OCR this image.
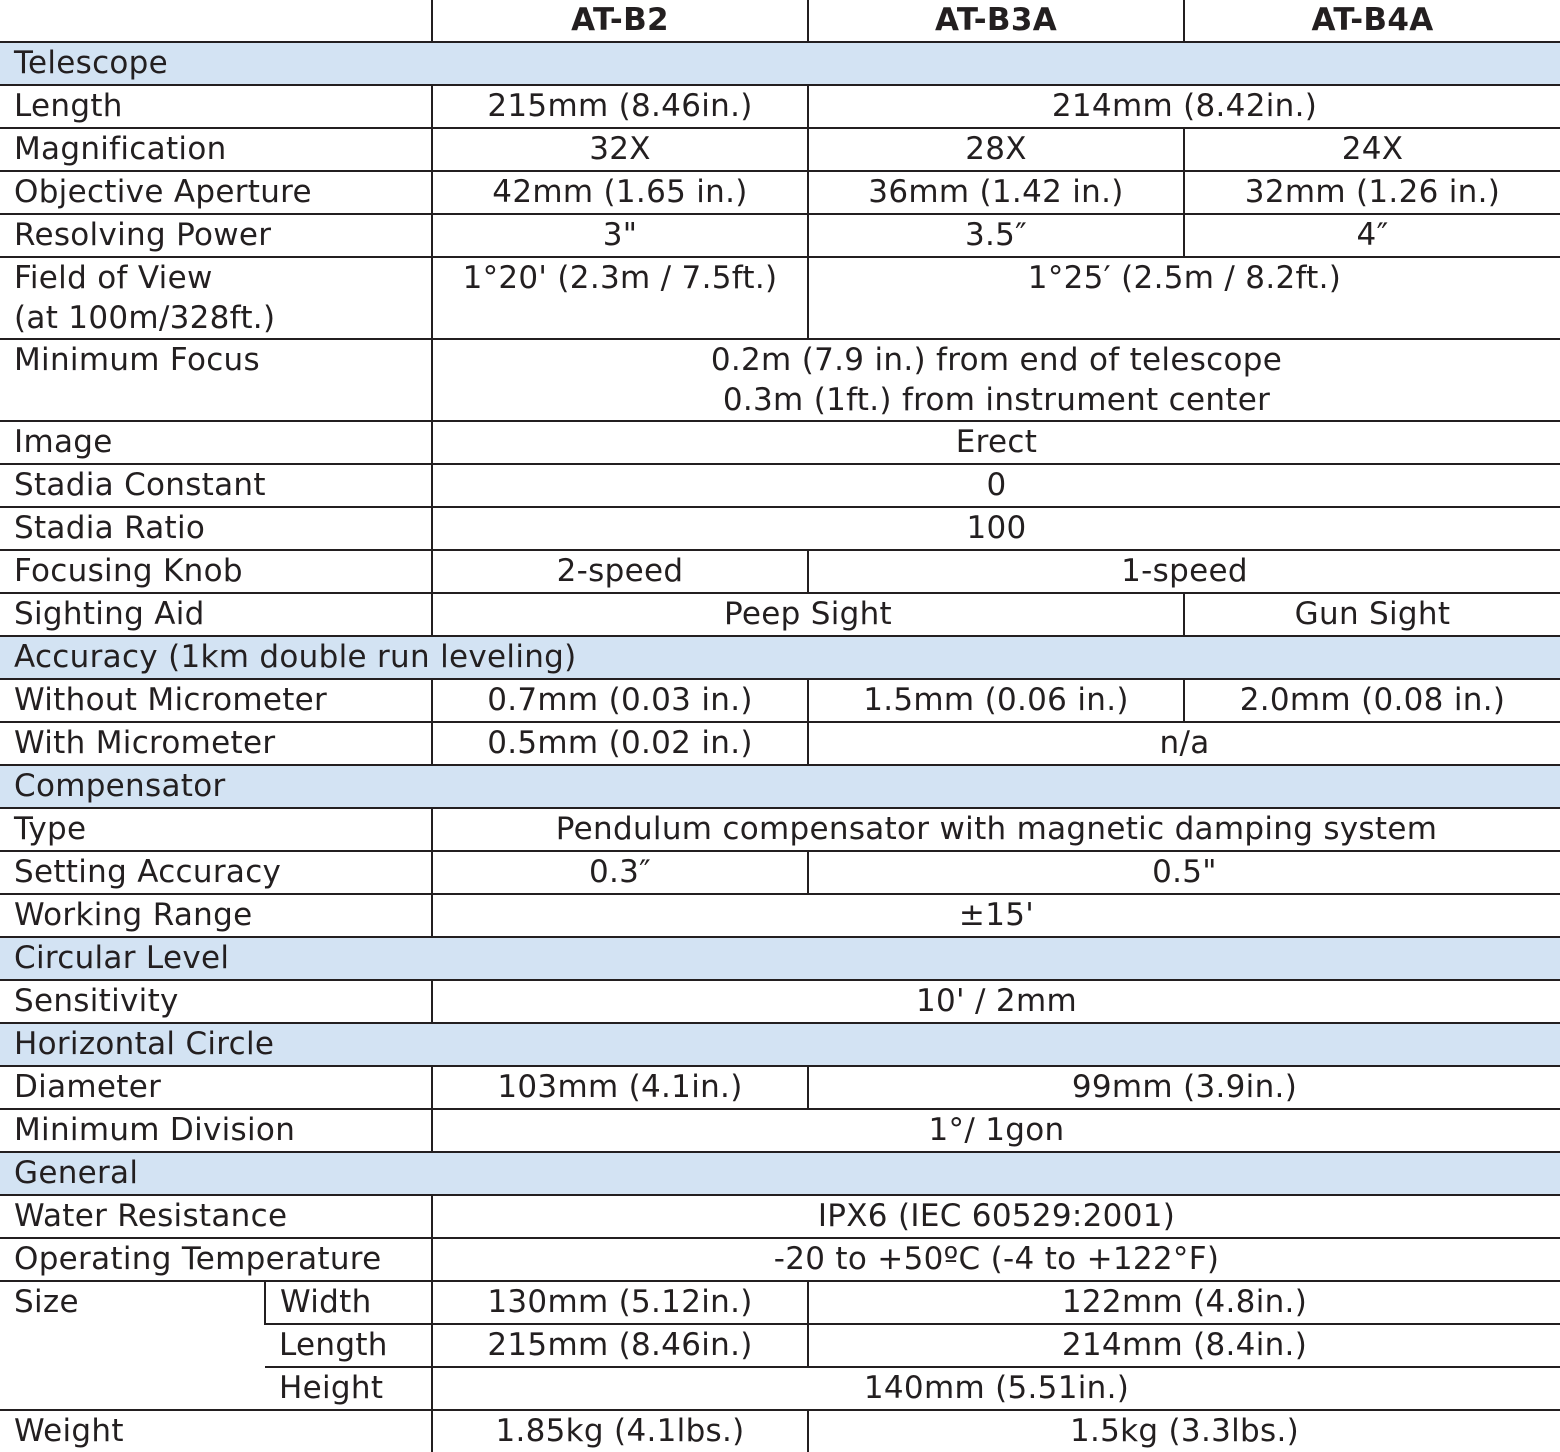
		AT-B2	AT-B3A	AT-B4A
Telescope				
Length		215mm (8.46in.)	214mm (8.42in.)	
Magnification		32X	28X	24X
Objective Aperture		42mm (1.65 in.)	36mm (1.42 in.)	32mm (1.26 in.)
Resolving Power		3"	3.5″	4″

Field of View
(at 100m/328ft.)		1°20' (2.3m / 7.5ft.)	1°25′ (2.5m / 8.2ft.)	
Minimum Focus		0.2m (7.9 in.) from end of telescope
0.3m (1ft.) from instrument center		

Image		Erect		
Stadia Constant		0		
Stadia Ratio		100		
Focusing Knob		2-speed	1-speed	
Sighting Aid		Peep Sight		Gun Sight
Accuracy (1km double run leveling)				
Without Micrometer		0.7mm (0.03 in.)	1.5mm (0.06 in.)	2.0mm (0.08 in.)
With Micrometer		0.5mm (0.02 in.)	n/a	
Compensator				
Type		Pendulum compensator with magnetic damping system		
Setting Accuracy		0.3″	0.5"	
Working Range		±15'		
Circular Level				
Sensitivity		10' / 2mm		
Horizontal Circle				
Diameter		103mm (4.1in.)	99mm (3.9in.)	
Minimum Division		1°/ 1gon		
General				
Water Resistance		IPX6 (IEC 60529:2001)		
Operating Temperature		-20 to +50ºC (-4 to +122°F)		
Size	Width	130mm (5.12in.)	122mm (4.8in.)	
	Length	215mm (8.46in.)	214mm (8.4in.)	
	Height	140mm (5.51in.)		
Weight		1.85kg (4.1lbs.)	1.5kg (3.3lbs.)	
